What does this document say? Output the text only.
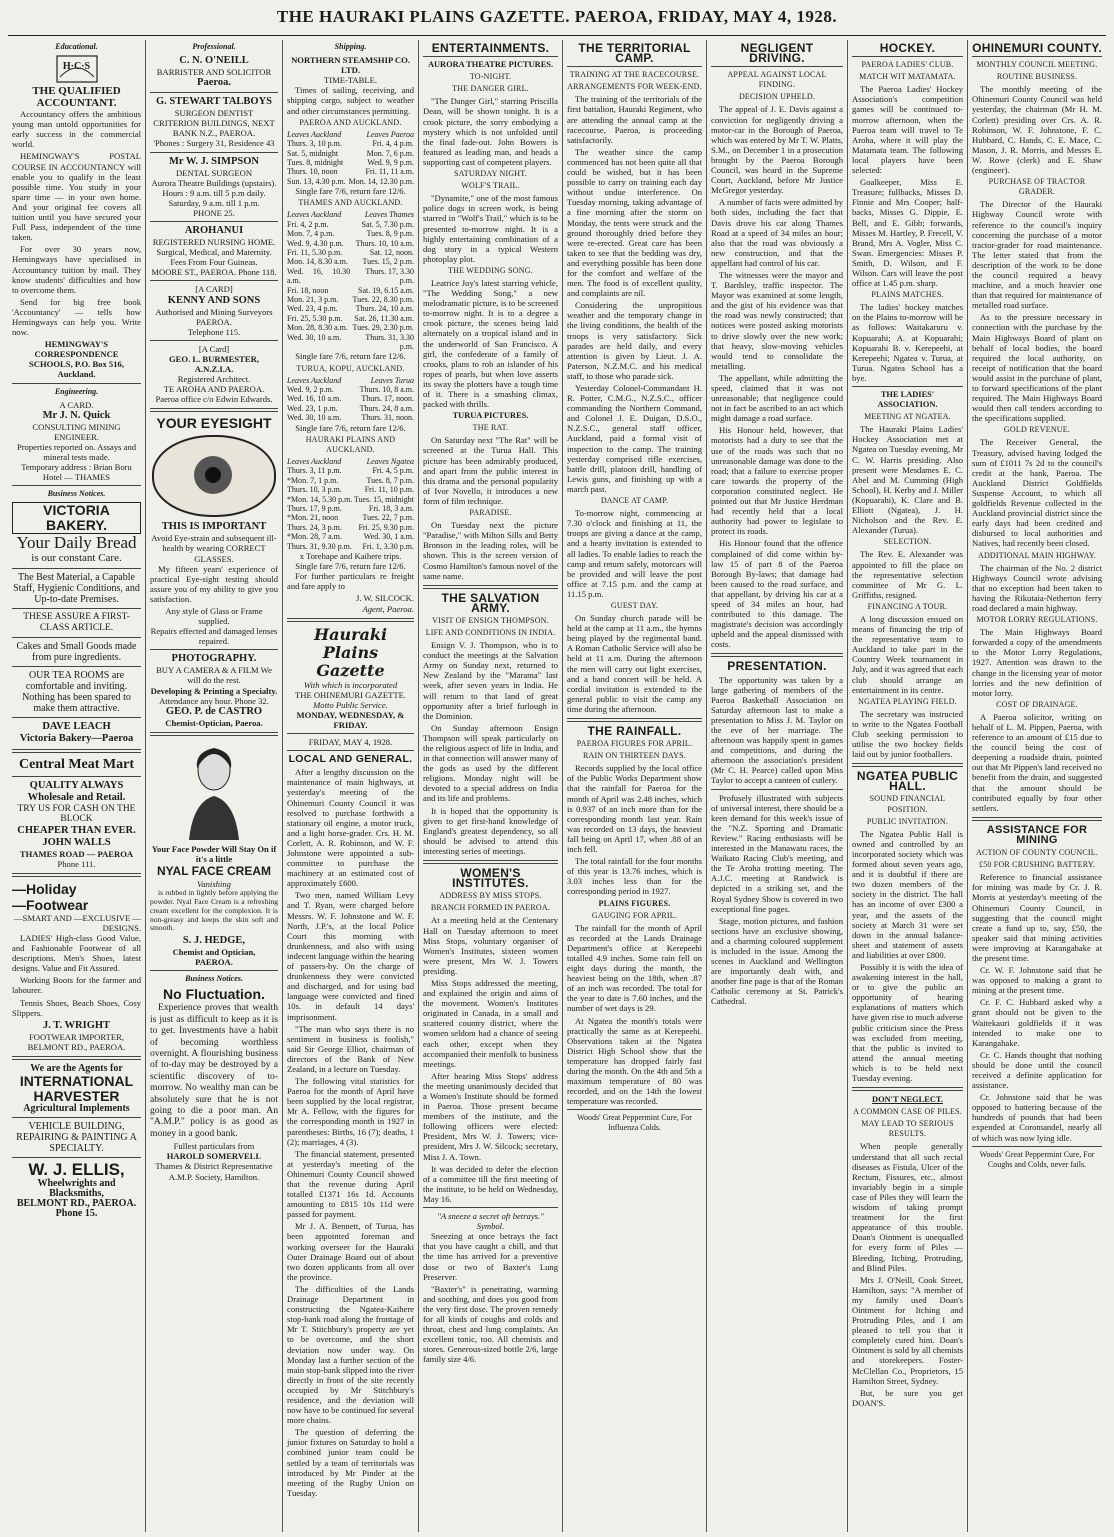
THE HAURAKI PLAINS GAZETTE. PAEROA, FRIDAY, MAY 4, 1928.
Educational.
H·C·S
THE QUALIFIED
ACCOUNTANT.
Accountancy offers the ambitious young man untold opportunities for early success in the commercial world.
HEMINGWAY'S POSTAL COURSE IN ACCOUNTANCY will enable you to qualify in the least possible time. You study in your spare time — in your own home. And your original fee covers all tuition until you have secured your Full Pass, independent of the time taken.
For over 30 years now, Hemingways have specialised in Accountancy tuition by mail. They know students' difficulties and how to overcome them.
Send for big free book 'Accountancy' — tells how Hemingways can help you. Write now.
HEMINGWAY'S CORRESPONDENCE SCHOOLS, P.O. Box 516, Auckland.
Engineering.
A CARD.
Mr J. N. Quick
CONSULTING MINING ENGINEER.
Properties reported on. Assays and mineral tests made.
Temporary address : Brian Boru Hotel — THAMES
Business Notices.
VICTORIA BAKERY.
Your Daily Bread
is our constant Care.
The Best Material, a Capable Staff, Hygienic Conditions, and Up-to-date Premises.
THESE ASSURE A FIRST-CLASS ARTICLE.
Cakes and Small Goods made from pure ingredients.
OUR TEA ROOMS are comfortable and inviting. Nothing has been spared to make them attractive.
DAVE LEACH
Victoria Bakery—Paeroa
Central Meat Mart
QUALITY ALWAYS
Wholesale and Retail.
TRY US FOR CASH ON THE BLOCK
CHEAPER THAN EVER.
JOHN WALLS
THAMES ROAD — PAEROA
Phone 111.
—Holiday
—Footwear
—SMART AND —EXCLUSIVE —DESIGNS.
LADIES' High-class Good Value, and Fashionable Footwear of all descriptions. Men's Shoes, latest designs. Value and Fit Assured.
Working Boots for the farmer and labourer.
Tennis Shoes, Beach Shoes, Cosy Slippers.
J. T. WRIGHT
FOOTWEAR IMPORTER, BELMONT RD., PAEROA.
We are the Agents for
INTERNATIONAL HARVESTER
Agricultural Implements
VEHICLE BUILDING, REPAIRING & PAINTING A SPECIALTY.
W. J. ELLIS,
Wheelwrights and Blacksmiths,
BELMONT RD., PAEROA.
Phone 15.
Professional.
C. N. O'NEILL
BARRISTER AND SOLICITOR
Paeroa.
G. STEWART TALBOYS
SURGEON DENTIST
CRITERION BUILDINGS, NEXT BANK N.Z., PAEROA.
'Phones : Surgery 31, Residence 43
Mr W. J. SIMPSON
DENTAL SURGEON
Aurora Theatre Buildings (upstairs).
Hours : 9 a.m. till 5 p.m daily. Saturday, 9 a.m. till 1 p.m.
PHONE 25.
AROHANUI
REGISTERED NURSING HOME.
Surgical, Medical, and Maternity. Fees From Four Guineas.
MOORE ST., PAEROA. Phone 118.
[A CARD]
KENNY AND SONS
Authorised and Mining Surveyors PAEROA.
Telephone 115.
[A Card]
GEO. L. BURMESTER, A.N.Z.I.A.
Registered Architect.
TE AROHA AND PAEROA.
Paeroa office c/o Edwin Edwards.
YOUR EYESIGHT
THIS IS IMPORTANT
Avoid Eye-strain and subsequent ill-health by wearing CORRECT GLASSES.
My fifteen years' experience of practical Eye-sight testing should assure you of my ability to give you satisfaction.
Any style of Glass or Frame supplied.
Repairs effected and damaged lenses repaired.
PHOTOGRAPHY.
BUY A CAMERA & A FILM We will do the rest.
Developing & Printing a Specialty.
Attendance any hour. Phone 32.
GEO. P. de CASTRO
Chemist-Optician, Paeroa.
Your Face Powder Will Stay On if it's a little
NYAL FACE CREAM
Vanishing
is rubbed in lightly before applying the powder. Nyal Face Cream is a refreshing cream excellent for the complexion. It is non-greasy and keeps the skin soft and smooth.
S. J. HEDGE,
Chemist and Optician,
PAEROA.
Business Notices.
No Fluctuation.
Experience proves that wealth is just as difficult to keep as it is to get. Investments have a habit of becoming worthless overnight. A flourishing business of to-day may be destroyed by a scientific discovery of to-morrow. No wealthy man can be absolutely sure that he is not going to die a poor man. An "A.M.P." policy is as good as money in a good bank.
Fullest particulars from
HAROLD SOMERVELL
Thames & District Representative A.M.P. Society, Hamilton.
Shipping.
NORTHERN STEAMSHIP CO. LTD.
TIME-TABLE.
Times of sailing, receiving, and shipping cargo, subject to weather and other circumstances permitting.
PAEROA AND AUCKLAND.
Leaves Auckland	Leaves Paeroa
Thurs. 3, 10 p.m.	Fri. 4, 4 p.m.
Sat. 5, midnight	Mon. 7, 6 p.m.
Tues. 8, midnight	Wed. 9, 9 p.m.
Thurs. 10, noon	Fri. 11, 11 a.m.
Sun. 13, 4.30 p.m.	Mon. 14, 12.30 p.m.
Single fare 7/6, return fare 12/6.
THAMES AND AUCKLAND.
Leaves Auckland	Leaves Thames
Fri. 4, 2 p.m.	Sat. 5, 7.30 p.m.
Mon. 7, 4 p.m.	Tues. 8, 9 p.m.
Wed. 9, 4.30 p.m.	Thurs. 10, 10 a.m.
Fri. 11, 5.30 p.m.	Sat. 12, noon.
Mon. 14, 8.30 a.m.	Tues. 15, 2 p.m.
Wed. 16, 10.30 a.m.	Thurs. 17, 3.30 p.m.
Fri. 18, noon	Sat. 19, 6.15 a.m.
Mon. 21, 3 p.m.	Tues. 22, 8.30 p.m.
Wed. 23, 4 p.m.	Thurs. 24, 10 a.m.
Fri. 25, 5.30 p.m.	Sat. 26, 11.30 a.m.
Mon. 28, 8.30 a.m.	Tues. 29, 2.30 p.m.
Wed. 30, 10 a.m.	Thurs. 31, 3.30 p.m.
Single fare 7/6, return fare 12/6.
TURUA, KOPU, AUCKLAND.
Leaves Auckland	Leaves Turua
Wed. 9, 2 p.m.	Thurs. 10, 8 a.m.
Wed. 16, 10 a.m.	Thurs. 17, noon.
Wed. 23, 1 p.m.	Thurs. 24, 8 a.m.
Wed. 30, 10 a.m.	Thurs. 31, noon.
Single fare 7/6, return fare 12/6.
HAURAKI PLAINS AND AUCKLAND.
Leaves Auckland	Leaves Ngatea
Thurs. 3, 11 p.m.	Fri. 4, 5 p.m.
*Mon. 7, 1 p.m.	Tues. 8, 7 p.m.
Thurs. 10, 3 p.m.	Fri. 11, 10 p.m.
*Mon. 14, 5.30 p.m.	Tues. 15, midnight
Thurs. 17, 9 p.m.	Fri. 18, 3 a.m.
*Mon. 21, noon	Tues. 22, 7 p.m.
Thurs. 24, 3 p.m.	Fri. 25, 9.30 p.m.
*Mon. 28, 7 a.m.	Wed. 30, 1 a.m.
Thurs. 31, 9.30 p.m.	Fri. 1, 3.30 p.m.
x Torehape and Kaihere trips.
Single fare 7/6, return fare 12/6.
For further particulars re freight and fare apply to
J. W. SILCOCK.
Agent, Paeroa.
Hauraki Plains Gazette
With which is incorporated
THE OHINEMURI GAZETTE.
Motto Public Service.
MONDAY, WEDNESDAY, & FRIDAY.
FRIDAY, MAY 4, 1928.
LOCAL AND GENERAL.
After a lengthy discussion on the maintenance of main highways, at yesterday's meeting of the Ohinemuri County Council it was resolved to purchase forthwith a stationary oil engine, a motor truck, and a light horse-grader. Crs. H. M. Corlett, A. R. Robinson, and W. F. Johnstone were appointed a sub-committee to purchase the machinery at an estimated cost of approximately £600.
Two men, named William Levy and T. Ryan, were charged before Messrs. W. F. Johnstone and W. F. North, J.P.'s, at the local Police Court this morning with drunkenness, and also with using indecent language within the hearing of passers-by. On the charge of drunkenness they were convicted and discharged, and for using bad language were convicted and fined 10s. in default 14 days' imprisonment.
"The man who says there is no sentiment in business is foolish," said Sir George Elliot, chairman of directors of the Bank of New Zealand, in a lecture on Tuesday.
The following vital statistics for Paeroa for the month of April have been supplied by the local registrar, Mr A. Fellow, with the figures for the corresponding month in 1927 in parentheses: Births, 16 (7); deaths, 1 (2); marriages, 4 (3).
The financial statement, presented at yesterday's meeting of the Ohinemuri County Council showed that the revenue during April totalled £1371 16s 1d. Accounts amounting to £815 10s 11d were passed for payment.
Mr J. A. Bennett, of Turua, has been appointed foreman and working overseer for the Hauraki Outer Drainage Board out of about two dozen applicants from all over the province.
The difficulties of the Lands Drainage Department in constructing the Ngatea-Kaihere stop-bank road along the frontage of Mr T. Stitchbury's property are yet to be overcome, and the short deviation now under way. On Monday last a further section of the main stop-bank slipped into the river directly in front of the site recently occupied by Mr Stitchbury's residence, and the deviation will now have to be continued for several more chains.
The question of deferring the junior fixtures on Saturday to hold a combined junior team could be settled by a team of territorials was introduced by Mr Pinder at the meeting of the Rugby Union on Tuesday.
ENTERTAINMENTS.
AURORA THEATRE PICTURES.
TO-NIGHT.
THE DANGER GIRL.
"The Danger Girl," starring Priscilla Dean, will be shown tonight. It is a crook picture, the sorry embodying a mystery which is not unfolded until the final fade-out. John Bowers is featured as leading man, and heads a supporting cast of competent players.
SATURDAY NIGHT.
WOLF'S TRAIL.
"Dynamite," one of the most famous police dogs in screen work, is being starred in "Wolf's Trail," which is to be presented to-morrow night. It is a highly entertaining combination of a dog story in a typical Western photoplay plot.
THE WEDDING SONG.
Leatrice Joy's latest starring vehicle, "The Wedding Song," a new melodramatic picture, is to be screened to-morrow night. It is to a degree a crook picture, the scenes being laid alternately on a tropical island and in the underworld of San Francisco. A girl, the confederate of a family of crooks, plans to rob an islander of his ropes of pearls, but when love asserts its sway the plotters have a tough time of it. There is a smashing climax, packed with thrills.
TURUA PICTURES.
THE RAT.
On Saturday next "The Rat" will be screened at the Turua Hall. This picture has been admirably produced, and apart from the public interest in this drama and the personal popularity of Ivor Novello, it introduces a new form of film technique.
PARADISE.
On Tuesday next the picture "Paradise," with Milton Sills and Betty Bronson in the leading roles, will be shown. This is the screen version of Cosmo Hamilton's famous novel of the same name.
THE SALVATION ARMY.
VISIT OF ENSIGN THOMPSON.
LIFE AND CONDITIONS IN INDIA.
Ensign V. J. Thompson, who is to conduct the meetings at the Salvation Army on Sunday next, returned to New Zealand by the "Marama" last week, after seven years in India. He will return to that land of great opportunity after a brief furlough in the Dominion.
On Sunday afternoon Ensign Thompson will speak particularly on the religious aspect of life in India, and in that connection will answer many of the gods as used by the different religions. Monday night will be devoted to a special address on India and its life and problems.
It is hoped that the opportunity is given to get first-hand knowledge of England's greatest dependency, so all should be advised to attend this interesting series of meetings.
WOMEN'S INSTITUTES.
ADDRESS BY MISS STOPS.
BRANCH FORMED IN PAEROA.
At a meeting held at the Centenary Hall on Tuesday afternoon to meet Miss Stops, voluntary organiser of Women's Institutes, sixteen women were present, Mrs W. J. Towers presiding.
Miss Stops addressed the meeting, and explained the origin and aims of the movement. Women's Institutes originated in Canada, in a small and scattered country district, where the women seldom had a chance of seeing each other, except when they accompanied their menfolk to business meetings.
After hearing Miss Stops' address the meeting unanimously decided that a Women's Institute should be formed in Paeroa. Those present became members of the institute, and the following officers were elected: President, Mrs W. J. Towers; vice-president, Mrs J. W. Silcock; secretary, Miss J. A. Town.
It was decided to defer the election of a committee till the first meeting of the institute, to be held on Wednesday, May 16.
"A sneeze a secret oft betrays." Symbol.
Sneezing at once betrays the fact that you have caught a chill, and that the time has arrived for a preventive dose or two of Baxter's Lung Preserver.
"Baxter's" is penetrating, warming and soothing, and does you good from the very first dose. The proven remedy for all kinds of coughs and colds and throat, chest and lung complaints. An excellent tonic, too. All chemists and stores. Generous-sized bottle 2/6, large family size 4/6.
THE TERRITORIAL CAMP.
TRAINING AT THE RACECOURSE.
ARRANGEMENTS FOR WEEK-END.
The training of the territorials of the first battalion, Hauraki Regiment, who are attending the annual camp at the racecourse, Paeroa, is proceeding satisfactorily.
The weather since the camp commenced has not been quite all that could be wished, but it has been possible to carry on training each day without undue interference. On Tuesday morning, taking advantage of a fine morning after the storm on Monday, the tents were struck and the ground thoroughly dried before they were re-erected. Great care has been taken to see that the bedding was dry, and everything possible has been done for the comfort and welfare of the men. The food is of excellent quality, and complaints are nil.
Considering the unpropitious weather and the temporary change in the living conditions, the health of the troops is very satisfactory. Sick parades are held daily, and every attention is given by Lieut. J. A. Paterson, N.Z.M.C. and his medical staff, to those who parade sick.
Yesterday Colonel-Commandant H. R. Potter, C.M.G., N.Z.S.C., officer commanding the Northern Command, and Colonel J. E. Duigan, D.S.O., N.Z.S.C., general staff officer, Auckland, paid a formal visit of inspection to the camp. The training yesterday comprised rifle exercises, battle drill, platoon drill, handling of Lewis guns, and finishing up with a march past.
DANCE AT CAMP.
To-morrow night, commencing at 7.30 o'clock and finishing at 11, the troops are giving a dance at the camp, and a hearty invitation is extended to all ladies. To enable ladies to reach the camp and return safely, motorcars will be provided and will leave the post office at 7.15 p.m. and the camp at 11.15 p.m.
GUEST DAY.
On Sunday church parade will be held at the camp at 11 a.m., the hymns being played by the regimental band. A Roman Catholic Service will also be held at 11 a.m. During the afternoon the men will carry out light exercises, and a band concert will be held. A cordial invitation is extended to the general public to visit the camp any time during the afternoon.
THE RAINFALL.
PAEROA FIGURES FOR APRIL.
RAIN ON THIRTEEN DAYS.
Records supplied by the local office of the Public Works Department show that the rainfall for Paeroa for the month of April was 2.48 inches, which is 0.937 of an inch more than for the corresponding month last year. Rain was recorded on 13 days, the heaviest fall being on April 17, when .88 of an inch fell.
The total rainfall for the four months of this year is 13.76 inches, which is 3.03 inches less than for the corresponding period in 1927.
PLAINS FIGURES.
GAUGING FOR APRIL.
The rainfall for the month of April as recorded at the Lands Drainage Department's office at Kerepeehi totalled 4.9 inches. Some rain fell on eight days during the month, the heaviest being on the 18th, when .87 of an inch was recorded. The total for the year to date is 7.60 inches, and the number of wet days is 29.
At Ngatea the month's totals were practically the same as at Kerepeehi. Observations taken at the Ngatea District High School show that the temperature has dropped fairly fast during the month. On the 4th and 5th a maximum temperature of 80 was recorded, and on the 14th the lowest temperature was recorded.
Woods' Great Peppermint Cure, For Influenza Colds.
NEGLIGENT DRIVING.
APPEAL AGAINST LOCAL FINDING.
DECISION UPHELD.
The appeal of J. E. Davis against a conviction for negligently driving a motor-car in the Borough of Paeroa, which was entered by Mr T. W. Platts, S.M., on December 1 in a prosecution brought by the Paeroa Borough Council, was heard in the Supreme Court, Auckland, before Mr Justice McGregor yesterday.
A number of facts were admitted by both sides, including the fact that Davis drove his car along Thames Road at a speed of 34 miles an hour; also that the road was obviously a new construction, and that the appellant had control of his car.
The witnesses were the mayor and T. Bardsley, traffic inspector. The Mayor was examined at some length, and the gist of his evidence was that the road was newly constructed; that notices were posted asking motorists to drive slowly over the new work; that heavy, slow-moving vehicles would tend to consolidate the metalling.
The appellant, while admitting the speed, claimed that it was not unreasonable; that negligence could not in fact be ascribed to an act which might damage a road surface.
His Honour held, however, that motorists had a duty to see that the use of the roads was such that no unreasonable damage was done to the road; that a failure to exercise proper care towards the property of the corporation constituted neglect. He pointed out that Mr Justice Herdman had recently held that a local authority had power to legislate to protect its roads.
His Honour found that the offence complained of did come within by-law 15 of part 8 of the Paeroa Borough By-laws; that damage had been caused to the road surface, and that appellant, by driving his car at a speed of 34 miles an hour, had contributed to this damage. The magistrate's decision was accordingly upheld and the appeal dismissed with costs.
PRESENTATION.
The opportunity was taken by a large gathering of members of the Paeroa Basketball Association on Saturday afternoon last to make a presentation to Miss J. M. Taylor on the eve of her marriage. The afternoon was happily spent in games and competitions, and during the afternoon the association's president (Mr C. H. Pearce) called upon Miss Taylor to accept a canteen of cutlery.
Profusely illustrated with subjects of universal interest, there should be a keen demand for this week's issue of the "N.Z. Sporting and Dramatic Review." Racing enthusiasts will be interested in the Manawatu races, the Waikato Racing Club's meeting, and the Te Aroha trotting meeting. The A.J.C. meeting at Randwick is depicted in a striking set, and the Royal Sydney Show is covered in two exceptional fine pages.
Stage, motion pictures, and fashion sections have an exclusive showing, and a charming coloured supplement is included in the issue. Among the scenes in Auckland and Wellington are importantly dealt with, and another fine page is that of the Roman Catholic ceremony at St. Patrick's Cathedral.
HOCKEY.
PAEROA LADIES' CLUB.
MATCH WIT MATAMATA.
The Paeroa Ladies' Hockey Association's competition games will be continued to-morrow afternoon, when the Paeroa team will travel to Te Aroha, where it will play the Matamata team. The following local players have been selected:
Goalkeeper, Miss E. Treasure; fullbacks, Misses D. Finnie and Mrs Cooper; half-backs, Misses G. Dippie, E. Bell, and E. Gibb; forwards, Misses M. Hartley, P. Frecell, V. Brand, Mrs A. Vogler, Miss C. Swan. Emergencies: Misses P. Smith, D. Wilson, and F. Wilson. Cars will leave the post office at 1.45 p.m. sharp.
PLAINS MATCHES.
The ladies' hockey matches on the Plains to-morrow will be as follows: Waitakaruru v. Kopuarahi; A. at Kopuarahi; Kopuarahi B. v. Kerepeehi, at Kerepeehi; Ngatea v. Turua, at Turua. Ngatea School has a bye.
THE LADIES' ASSOCIATION.
MEETING AT NGATEA.
The Hauraki Plains Ladies' Hockey Association met at Ngatea on Tuesday evening, Mr C. W. Harris presiding. Also present were Mesdames E. C. Abel and M. Cumming (High School), H. Kerby and J. Miller (Kopuarahi), K. Clare and B. Elliott (Ngatea), J. H. Nicholson and the Rev. E. Alexander (Turua).
SELECTION.
The Rev. E. Alexander was appointed to fill the place on the representative selection committee of Mr G. L. Griffiths, resigned.
FINANCING A TOUR.
A long discussion ensued on means of financing the trip of the representative team to Auckland to take part in the Country Week tournament in July, and it was agreed that each club should arrange an entertainment in its centre.
NGATEA PLAYING FIELD.
The secretary was instructed to write to the Ngatea Football Club seeking permission to utilise the two hockey fields laid out by junior footballers.
NGATEA PUBLIC HALL.
SOUND FINANCIAL POSITION.
PUBLIC INVITATION.
The Ngatea Public Hall is owned and controlled by an incorporated society which was formed about seven years ago, and it is doubtful if there are two dozen members of the society in the district. The hall has an income of over £300 a year, and the assets of the society at March 31 were set down in the annual balance-sheet and statement of assets and liabilities at over £800.
Possibly it is with the idea of awakening interest in the hall, or to give the public an opportunity of hearing explanations of matters which have given rise to much adverse public criticism since the Press was excluded from meeting, that the public is invited to attend the annual meeting which is to be held next Tuesday evening.
DON'T NEGLECT.
A COMMON CASE OF PILES.
MAY LEAD TO SERIOUS RESULTS.
When people generally understand that all such rectal diseases as Fistula, Ulcer of the Rectum, Fissures, etc., almost invariably begin in a simple case of Piles they will learn the wisdom of taking prompt treatment for the first appearance of this trouble. Doan's Ointment is unequalled for every form of Piles — Bleeding, Itching, Protruding, and Blind Piles.
Mrs J. O'Neill, Cook Street, Hamilton, says: "A member of my family used Doan's Ointment for Itching and Protruding Piles, and I am pleased to tell you that it completely cured him. Doan's Ointment is sold by all chemists and storekeepers. Foster-McClellan Co., Proprietors, 15 Hamilton Street, Sydney.
But, be sure you get DOAN'S.
OHINEMURI COUNTY.
MONTHLY COUNCIL MEETING.
ROUTINE BUSINESS.
The monthly meeting of the Ohinemuri County Council was held yesterday, the chairman (Mr H. M. Corlett) presiding over Crs. A. R. Robinson, W. F. Johnstone, F. C. Hubbard, C. Hands, C. E. Mace, C. Mason, J. R. Morris, and Messrs E. W. Rowe (clerk) and E. Shaw (engineer).
PURCHASE OF TRACTOR GRADER.
The Director of the Hauraki Highway Council wrote with reference to the council's inquiry concerning the purchase of a motor tractor-grader for road maintenance. The letter stated that from the description of the work to be done the council required a heavy machine, and a much heavier one than that required for maintenance of metalled road surface.
As to the pressure necessary in connection with the purchase by the Main Highways Board of plant on behalf of local bodies, the board required the local authority, on receipt of notification that the board would assist in the purchase of plant, to forward specifications of the plant required. The Main Highways Board would then call tenders according to the specifications supplied.
GOLD REVENUE.
The Receiver General, the Treasury, advised having lodged the sum of £1011 7s 2d to the council's credit at the bank, Paeroa. The Auckland District Goldfields Suspense Account, to which all goldfields Revenue collected in the Auckland provincial district since the early days had been credited and disbursed to local authorities and Natives, had recently been closed.
ADDITIONAL MAIN HIGHWAY.
The chairman of the No. 2 district Highways Council wrote advising that no exception had been taken to having the Rikutaia-Netherton ferry road declared a main highway.
MOTOR LORRY REGULATIONS.
The Main Highways Board forwarded a copy of the amendments to the Motor Lorry Regulations, 1927. Attention was drawn to the change in the licensing year of motor lorries and the new definition of motor lorry.
COST OF DRAINAGE.
A Paeroa solicitor, writing on behalf of L. M. Pippen, Paeroa, with reference to an amount of £15 due to the council being the cost of deepening a roadside drain, pointed out that Mr Pippen's land received no benefit from the drain, and suggested that the amount should be contributed equally by four other settlers.
ASSISTANCE FOR MINING
ACTION OF COUNTY COUNCIL.
£50 FOR CRUSHING BATTERY.
Reference to financial assistance for mining was made by Cr. J. R. Morris at yesterday's meeting of the Ohinemuri County Council, in suggesting that the council might create a fund up to, say, £50, the speaker said that mining activities were improving at Karangahake at the present time.
Cr. W. F. Johnstone said that he was opposed to making a grant to mining at the present time.
Cr. F. C. Hubbard asked why a grant should not be given to the Waitekauri goldfields if it was intended to make one to Karangahake.
Cr. C. Hands thought that nothing should be done until the council received a definite application for assistance.
Cr. Johnstone said that he was opposed to battering because of the hundreds of pounds that had been expended at Coromandel, nearly all of which was now lying idle.
Woods' Great Peppermint Cure, For Coughs and Colds, never fails.
